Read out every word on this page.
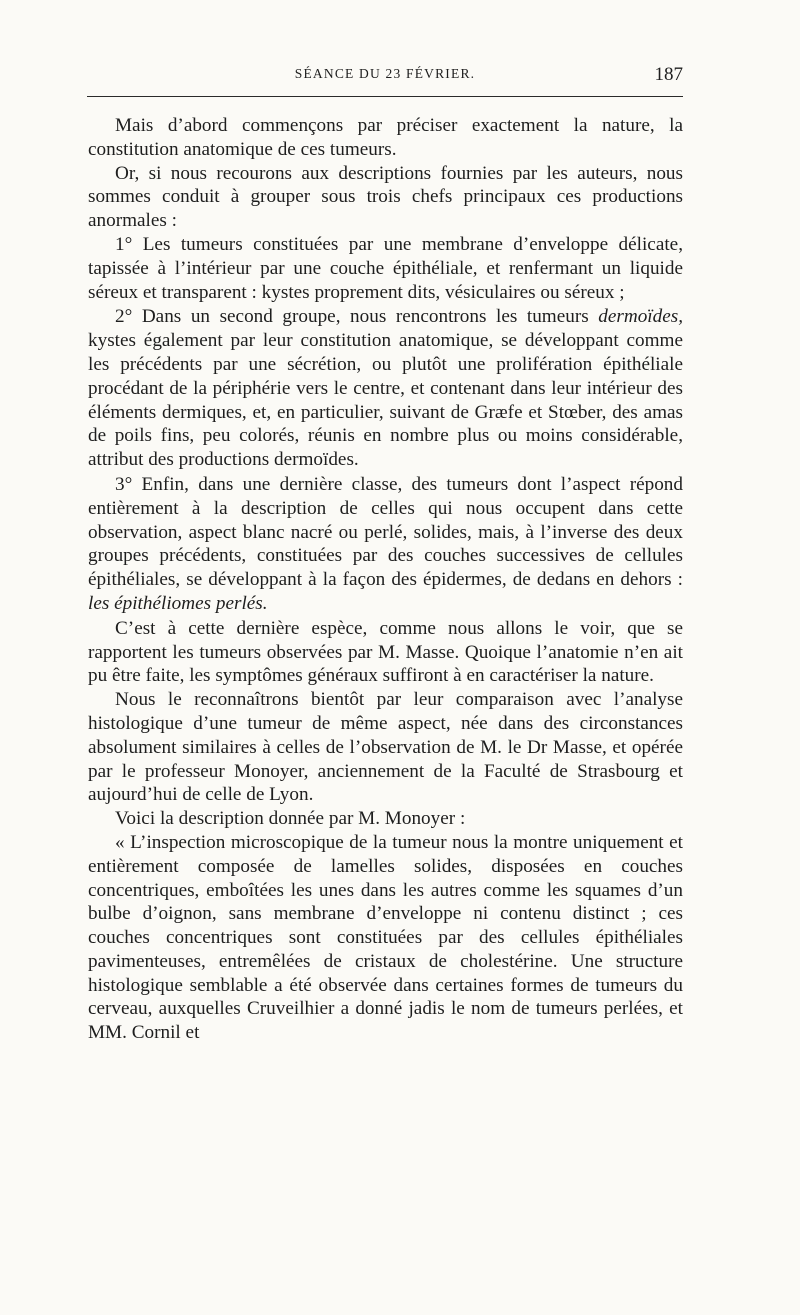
SÉANCE DU 23 FÉVRIER.	187

Mais d’abord commençons par préciser exactement la nature, la constitution anatomique de ces tumeurs.

Or, si nous recourons aux descriptions fournies par les auteurs, nous sommes conduit à grouper sous trois chefs principaux ces productions anormales :

1° Les tumeurs constituées par une membrane d’enveloppe délicate, tapissée à l’intérieur par une couche épithéliale, et renfermant un liquide séreux et transparent : kystes proprement dits, vésiculaires ou séreux ;

2° Dans un second groupe, nous rencontrons les tumeurs dermoïdes, kystes également par leur constitution anatomique, se développant comme les précédents par une sécrétion, ou plutôt une prolifération épithéliale procédant de la périphérie vers le centre, et contenant dans leur intérieur des éléments dermiques, et, en particulier, suivant de Græfe et Stœber, des amas de poils fins, peu colorés, réunis en nombre plus ou moins considérable, attribut des productions dermoïdes.

3° Enfin, dans une dernière classe, des tumeurs dont l’aspect répond entièrement à la description de celles qui nous occupent dans cette observation, aspect blanc nacré ou perlé, solides, mais, à l’inverse des deux groupes précédents, constituées par des couches successives de cellules épithéliales, se développant à la façon des épidermes, de dedans en dehors : les épithéliomes perlés.

C’est à cette dernière espèce, comme nous allons le voir, que se rapportent les tumeurs observées par M. Masse. Quoique l’anatomie n’en ait pu être faite, les symptômes généraux suffiront à en caractériser la nature.

Nous le reconnaîtrons bientôt par leur comparaison avec l’analyse histologique d’une tumeur de même aspect, née dans des circonstances absolument similaires à celles de l’observation de M. le Dr Masse, et opérée par le professeur Monoyer, anciennement de la Faculté de Strasbourg et aujourd’hui de celle de Lyon.

Voici la description donnée par M. Monoyer :

« L’inspection microscopique de la tumeur nous la montre uniquement et entièrement composée de lamelles solides, disposées en couches concentriques, emboîtées les unes dans les autres comme les squames d’un bulbe d’oignon, sans membrane d’enveloppe ni contenu distinct ; ces couches concentriques sont constituées par des cellules épithéliales pavimenteuses, entremêlées de cristaux de cholestérine. Une structure histologique semblable a été observée dans certaines formes de tumeurs du cerveau, auxquelles Cruveilhier a donné jadis le nom de tumeurs perlées, et MM. Cornil et
